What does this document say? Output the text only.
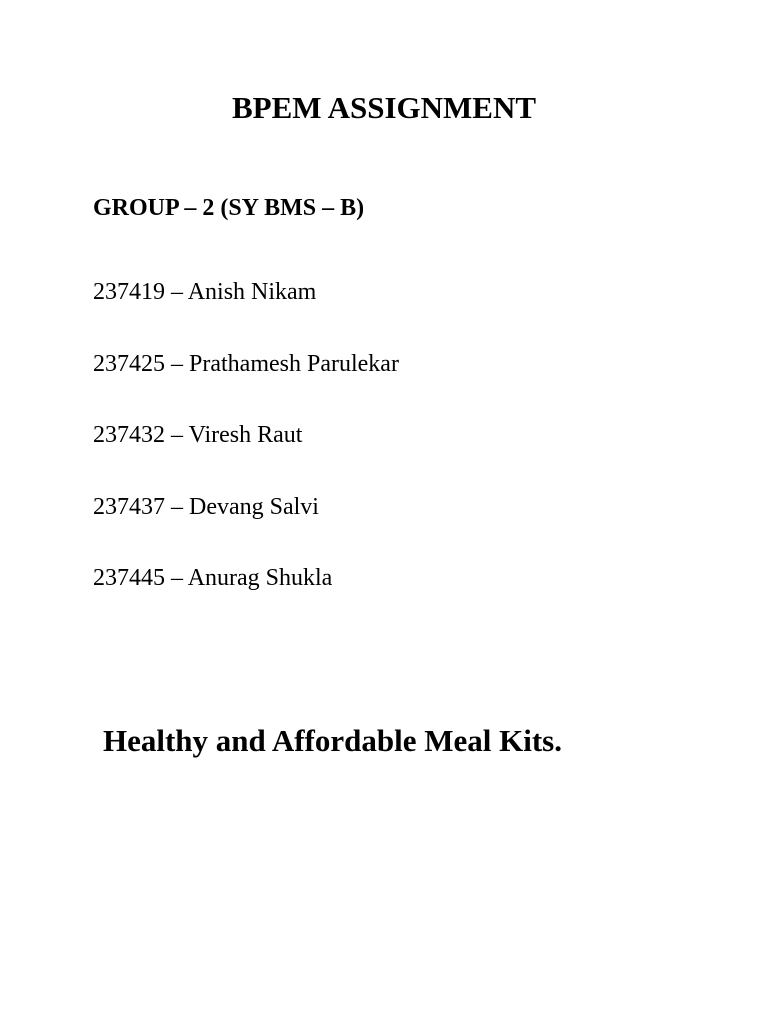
BPEM ASSIGNMENT
GROUP – 2 (SY BMS – B)
237419 – Anish Nikam
237425 – Prathamesh Parulekar
237432 – Viresh Raut
237437 – Devang Salvi
237445 – Anurag Shukla
Healthy and Affordable Meal Kits.
